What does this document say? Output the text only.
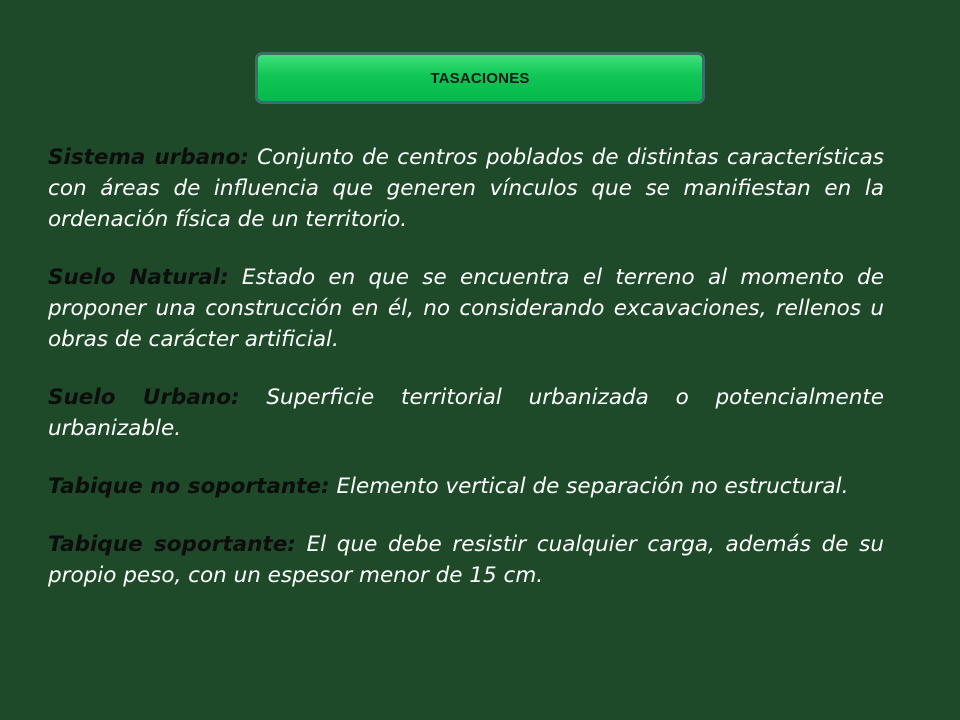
TASACIONES

Sistema urbano: Conjunto de centros poblados de distintas características con áreas de influencia que generen vínculos que se manifiestan en la ordenación física de un territorio.

Suelo Natural: Estado en que se encuentra el terreno al momento de proponer una construcción en él, no considerando excavaciones, rellenos u obras de carácter artificial.

Suelo Urbano: Superficie territorial urbanizada o potencialmente urbanizable.

Tabique no soportante: Elemento vertical de separación no estructural.

Tabique soportante: El que debe resistir cualquier carga, además de su propio peso, con un espesor menor de 15 cm.
